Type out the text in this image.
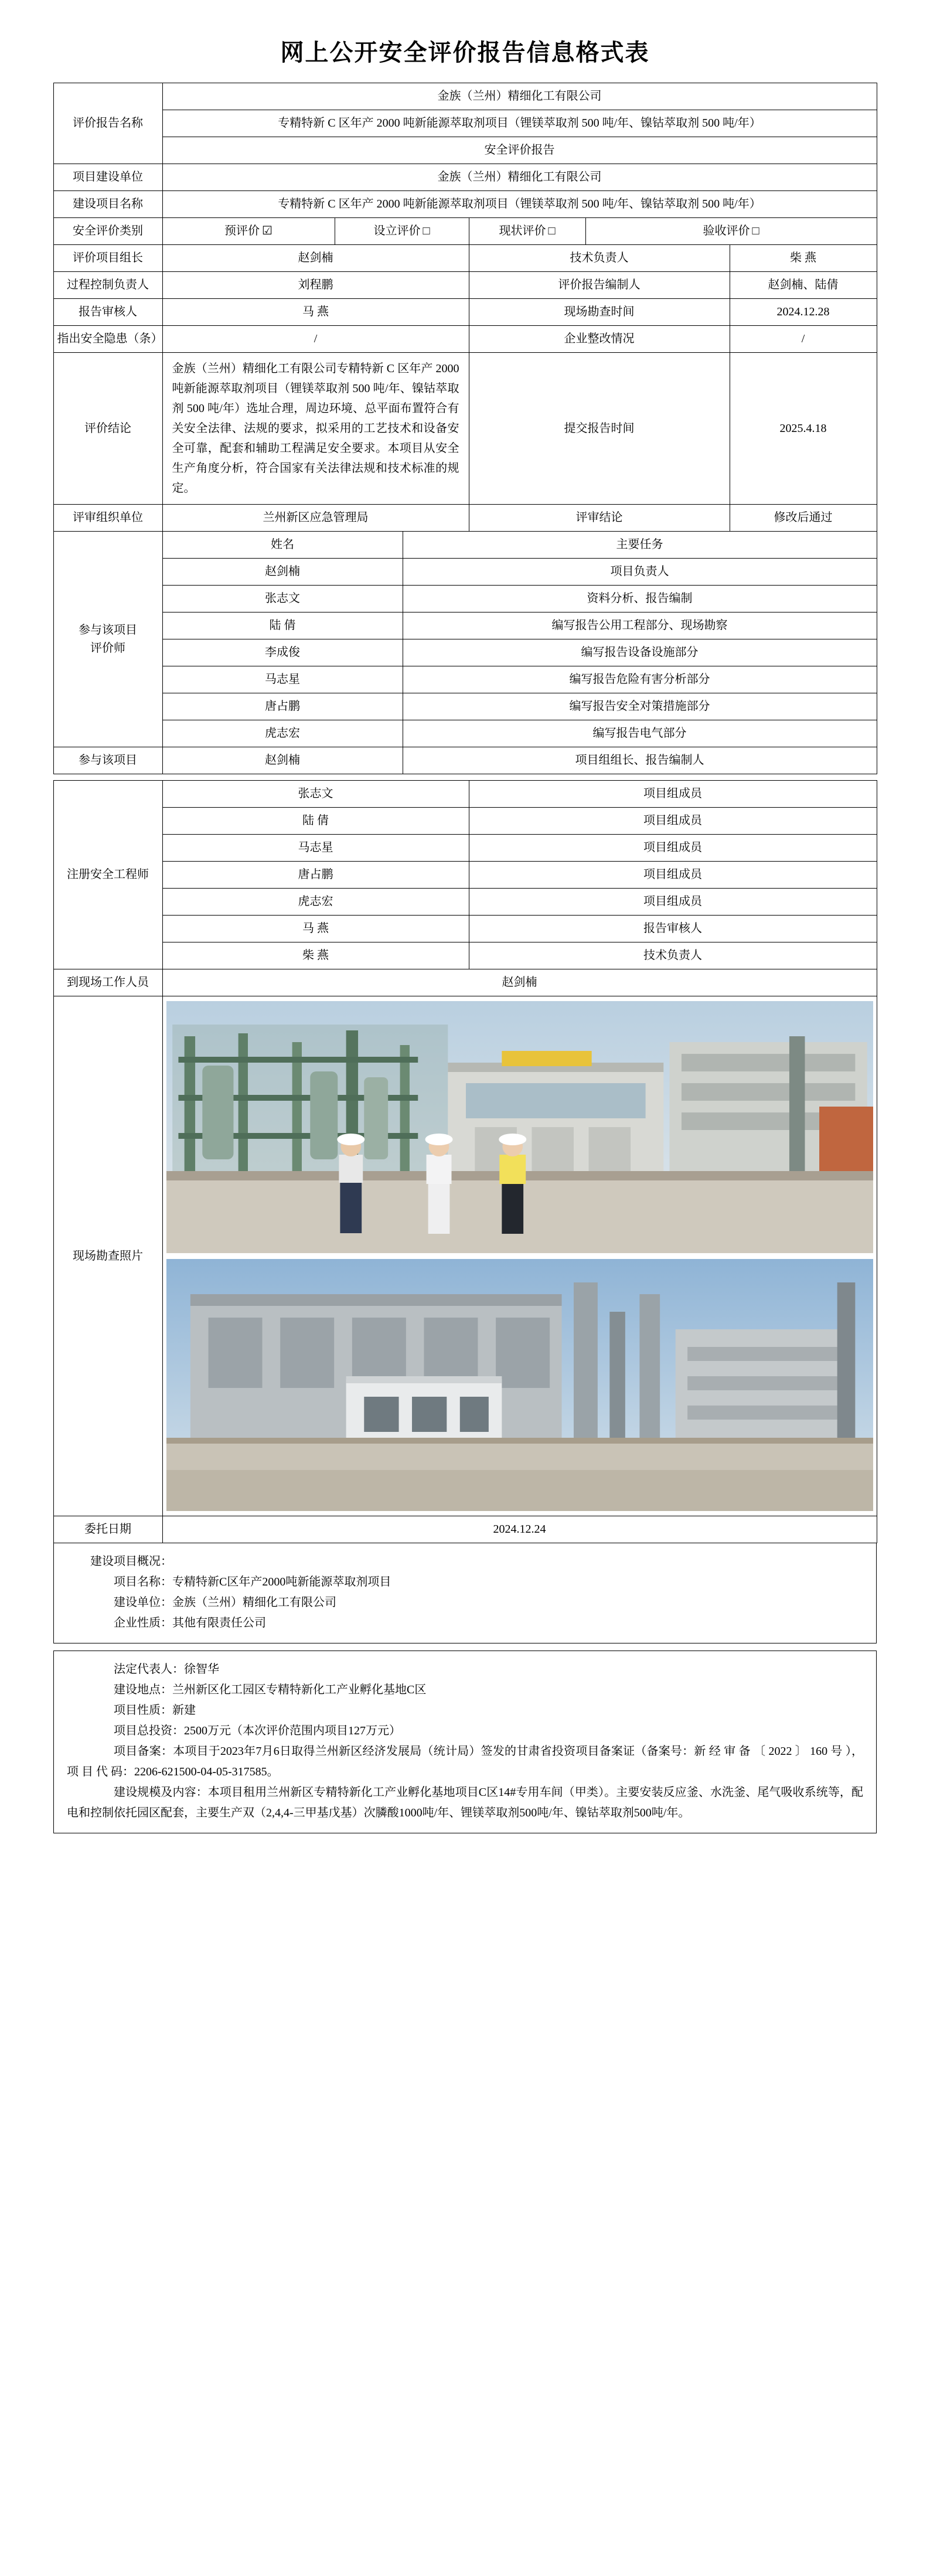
网上公开安全评价报告信息格式表
评价报告名称	金族（兰州）精细化工有限公司					
	专精特新 C 区年产 2000 吨新能源萃取剂项目（锂镁萃取剂 500 吨/年、镍钴萃取剂 500 吨/年）					
	安全评价报告					
项目建设单位	金族（兰州）精细化工有限公司					
建设项目名称	专精特新 C 区年产 2000 吨新能源萃取剂项目（锂镁萃取剂 500 吨/年、镍钴萃取剂 500 吨/年）					
安全评价类别	预评价 ☑	设立评价 □		现状评价 □	验收评价 □	
评价项目组长	赵剑楠			技术负责人		柴 燕
过程控制负责人	刘程鹏			评价报告编制人		赵剑楠、陆倩
报告审核人	马 燕			现场勘查时间		2024.12.28
指出安全隐患（条）	/			企业整改情况		/
评价结论	金族（兰州）精细化工有限公司专精特新 C 区年产 2000 吨新能源萃取剂项目（锂镁萃取剂 500 吨/年、镍钴萃取剂 500 吨/年）选址合理，周边环境、总平面布置符合有关安全法律、法规的要求，拟采用的工艺技术和设备安全可靠，配套和辅助工程满足安全要求。本项目从安全生产角度分析，符合国家有关法律法规和技术标准的规定。			提交报告时间		2025.4.18
评审组织单位	兰州新区应急管理局			评审结论		修改后通过

参与该项目
评价师	姓名		主要任务			
	赵剑楠		项目负责人			
	张志文		资料分析、报告编制			
	陆 倩		编写报告公用工程部分、现场勘察			
	李成俊		编写报告设备设施部分			
	马志星		编写报告危险有害分析部分			
	唐占鹏		编写报告安全对策措施部分			
	虎志宏		编写报告电气部分			
参与该项目	赵剑楠		项目组组长、报告编制人			
注册安全工程师	张志文	项目组成员
	陆 倩	项目组成员
	马志星	项目组成员
	唐占鹏	项目组成员
	虎志宏	项目组成员
	马 燕	报告审核人
	柴 燕	技术负责人
到现场工作人员	赵剑楠	
现场勘查照片	

委托日期	2024.12.24	
建设项目概况：
项目名称：专精特新C区年产2000吨新能源萃取剂项目
建设单位：金族（兰州）精细化工有限公司
企业性质：其他有限责任公司
法定代表人：徐智华
建设地点：兰州新区化工园区专精特新化工产业孵化基地C区
项目性质：新建
项目总投资：2500万元（本次评价范围内项目127万元）
项目备案：本项目于2023年7月6日取得兰州新区经济发展局（统计局）签发的甘肃省投资项目备案证（备案号：新 经 审 备 〔 2022 〕 160 号 ）， 项 目 代 码：2206-621500-04-05-317585。
建设规模及内容：本项目租用兰州新区专精特新化工产业孵化基地项目C区14#专用车间（甲类）。主要安装反应釜、水洗釜、尾气吸收系统等，配电和控制依托园区配套，主要生产双（2,4,4-三甲基戊基）次膦酸1000吨/年、锂镁萃取剂500吨/年、镍钴萃取剂500吨/年。
